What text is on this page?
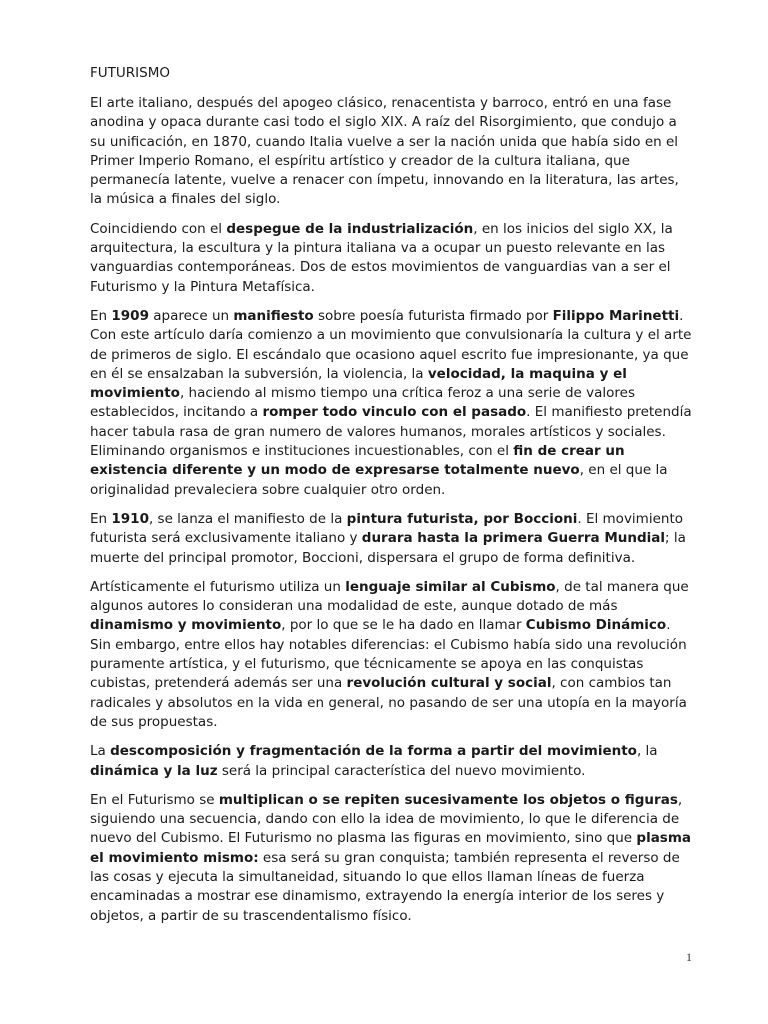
FUTURISMO

El arte italiano, después del apogeo clásico, renacentista y barroco, entró en una fase anodina y opaca durante casi todo el siglo XIX. A raíz del Risorgimiento, que condujo a su unificación, en 1870, cuando Italia vuelve a ser la nación unida que había sido en el Primer Imperio Romano, el espíritu artístico y creador de la cultura italiana, que permanecía latente, vuelve a renacer con ímpetu, innovando en la literatura, las artes, la música a finales del siglo.

Coincidiendo con el despegue de la industrialización, en los inicios del siglo XX, la arquitectura, la escultura y la pintura italiana va a ocupar un puesto relevante en las vanguardias contemporáneas. Dos de estos movimientos de vanguardias van a ser el Futurismo y la Pintura Metafísica.

En 1909 aparece un manifiesto sobre poesía futurista firmado por Filippo Marinetti. Con este artículo daría comienzo a un movimiento que convulsionaría la cultura y el arte de primeros de siglo. El escándalo que ocasiono aquel escrito fue impresionante, ya que en él se ensalzaban la subversión, la violencia, la velocidad, la maquina y el movimiento, haciendo al mismo tiempo una crítica feroz a una serie de valores establecidos, incitando a romper todo vinculo con el pasado. El manifiesto pretendía hacer tabula rasa de gran numero de valores humanos, morales artísticos y sociales. Eliminando organismos e instituciones incuestionables, con el fin de crear un existencia diferente y un modo de expresarse totalmente nuevo, en el que la originalidad prevaleciera sobre cualquier otro orden.

En 1910, se lanza el manifiesto de la pintura futurista, por Boccioni. El movimiento futurista será exclusivamente italiano y durara hasta la primera Guerra Mundial; la muerte del principal promotor, Boccioni, dispersara el grupo de forma definitiva.

Artísticamente el futurismo utiliza un lenguaje similar al Cubismo, de tal manera que algunos autores lo consideran una modalidad de este, aunque dotado de más dinamismo y movimiento, por lo que se le ha dado en llamar Cubismo Dinámico. Sin embargo, entre ellos hay notables diferencias: el Cubismo había sido una revolución puramente artística, y el futurismo, que técnicamente se apoya en las conquistas cubistas, pretenderá además ser una revolución cultural y social, con cambios tan radicales y absolutos en la vida en general, no pasando de ser una utopía en la mayoría de sus propuestas.

La descomposición y fragmentación de la forma a partir del movimiento, la dinámica y la luz será la principal característica del nuevo movimiento.

En el Futurismo se multiplican o se repiten sucesivamente los objetos o figuras, siguiendo una secuencia, dando con ello la idea de movimiento, lo que le diferencia de nuevo del Cubismo. El Futurismo no plasma las figuras en movimiento, sino que plasma el movimiento mismo: esa será su gran conquista; también representa el reverso de las cosas y ejecuta la simultaneidad, situando lo que ellos llaman líneas de fuerza encaminadas a mostrar ese dinamismo, extrayendo la energía interior de los seres y objetos, a partir de su trascendentalismo físico.

1
